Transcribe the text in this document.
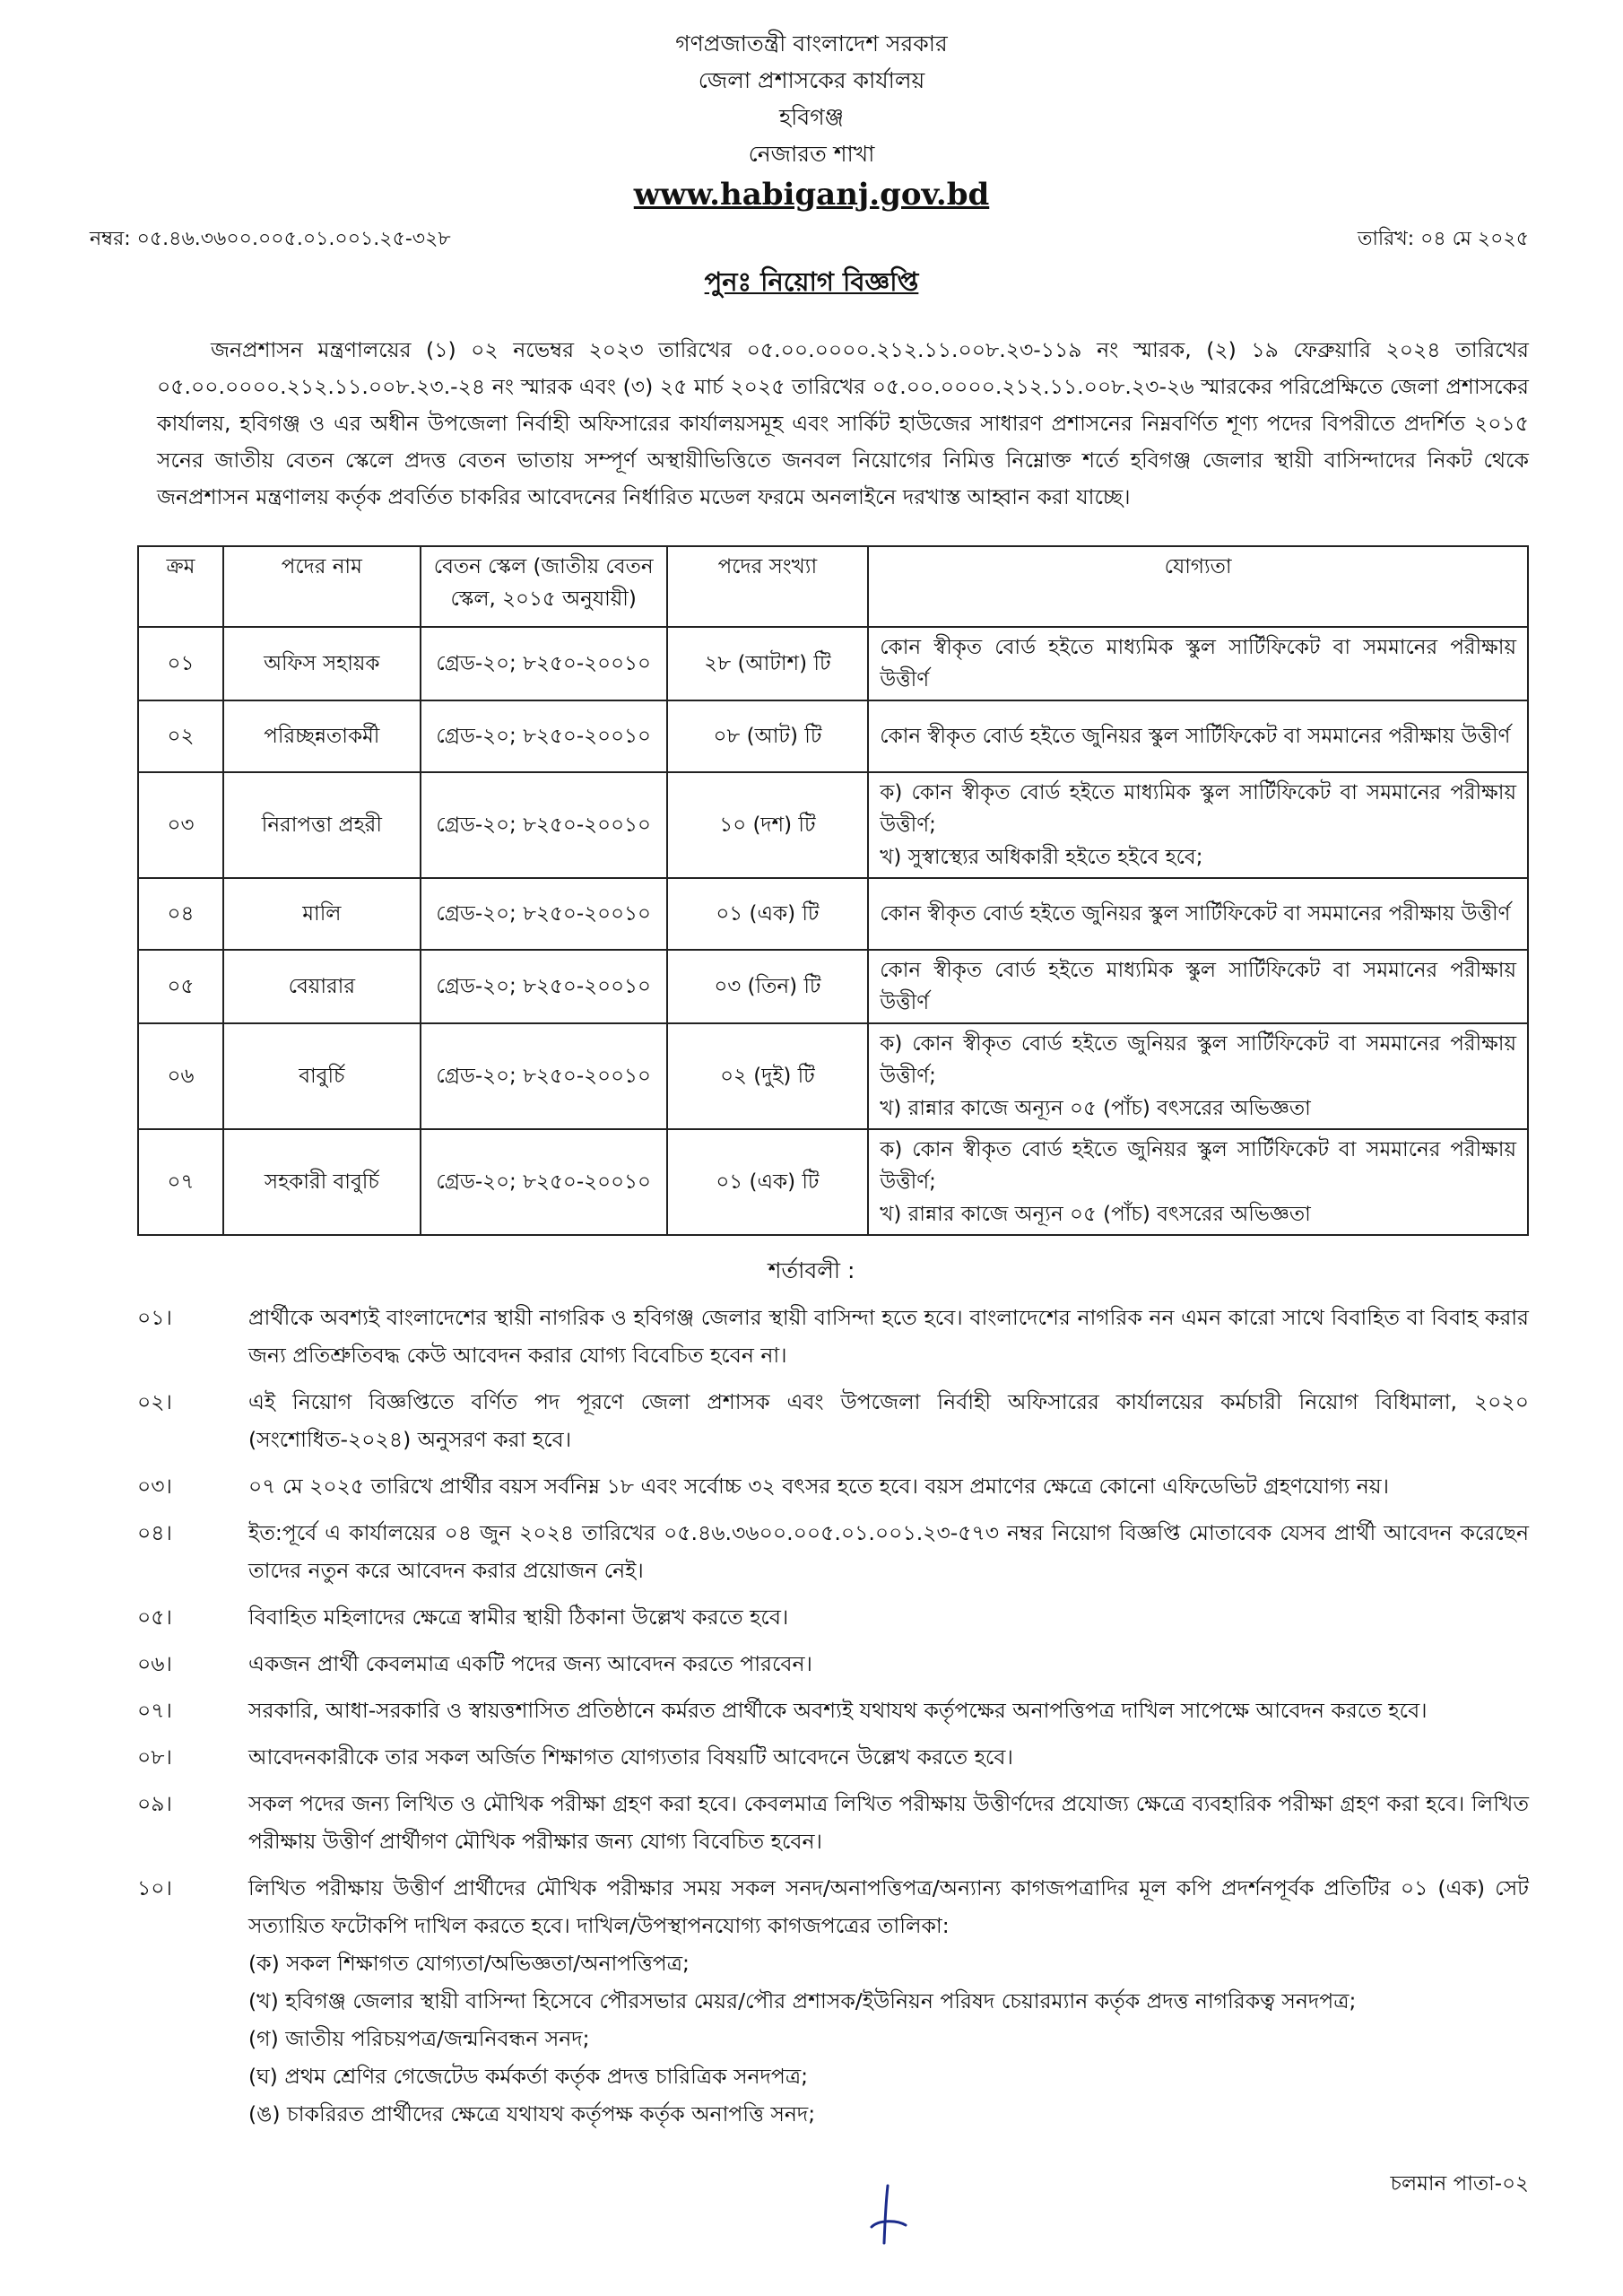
গণপ্রজাতন্ত্রী বাংলাদেশ সরকার
জেলা প্রশাসকের কার্যালয়
হবিগঞ্জ
নেজারত শাখা
www.habiganj.gov.bd
নম্বর: ০৫.৪৬.৩৬০০.০০৫.০১.০০১.২৫-৩২৮	তারিখ: ০৪ মে ২০২৫
পুনঃ নিয়োগ বিজ্ঞপ্তি
জনপ্রশাসন মন্ত্রণালয়ের (১) ০২ নভেম্বর ২০২৩ তারিখের ০৫.০০.০০০০.২১২.১১.০০৮.২৩-১১৯ নং স্মারক, (২) ১৯ ফেব্রুয়ারি ২০২৪ তারিখের ০৫.০০.০০০০.২১২.১১.০০৮.২৩.-২৪ নং স্মারক এবং (৩) ২৫ মার্চ ২০২৫ তারিখের ০৫.০০.০০০০.২১২.১১.০০৮.২৩-২৬ স্মারকের পরিপ্রেক্ষিতে জেলা প্রশাসকের কার্যালয়, হবিগঞ্জ ও এর অধীন উপজেলা নির্বাহী অফিসারের কার্যালয়সমূহ এবং সার্কিট হাউজের সাধারণ প্রশাসনের নিম্নবর্ণিত শূণ্য পদের বিপরীতে প্রদর্শিত ২০১৫ সনের জাতীয় বেতন স্কেলে প্রদত্ত বেতন ভাতায় সম্পূর্ণ অস্থায়ীভিত্তিতে জনবল নিয়োগের নিমিত্ত নিম্নোক্ত শর্তে হবিগঞ্জ জেলার স্থায়ী বাসিন্দাদের নিকট থেকে জনপ্রশাসন মন্ত্রণালয় কর্তৃক প্রবর্তিত চাকরির আবেদনের নির্ধারিত মডেল ফরমে অনলাইনে দরখাস্ত আহ্বান করা যাচ্ছে।
ক্রম	পদের নাম	বেতন স্কেল (জাতীয় বেতন স্কেল, ২০১৫ অনুযায়ী)	পদের সংখ্যা	যোগ্যতা
০১	অফিস সহায়ক	গ্রেড-২০; ৮২৫০-২০০১০	২৮ (আটাশ) টি	কোন স্বীকৃত বোর্ড হইতে মাধ্যমিক স্কুল সার্টিফিকেট বা সমমানের পরীক্ষায় উত্তীর্ণ

০২	পরিচ্ছন্নতাকর্মী	গ্রেড-২০; ৮২৫০-২০০১০	০৮ (আট) টি	কোন স্বীকৃত বোর্ড হইতে জুনিয়র স্কুল সার্টিফিকেট বা সমমানের পরীক্ষায় উত্তীর্ণ

০৩	নিরাপত্তা প্রহরী	গ্রেড-২০; ৮২৫০-২০০১০	১০ (দশ) টি	ক) কোন স্বীকৃত বোর্ড হইতে মাধ্যমিক স্কুল সার্টিফিকেট বা সমমানের পরীক্ষায় উত্তীর্ণ;
খ) সুস্বাস্থ্যের অধিকারী হইতে হইবে হবে;

০৪	মালি	গ্রেড-২০; ৮২৫০-২০০১০	০১ (এক) টি	কোন স্বীকৃত বোর্ড হইতে জুনিয়র স্কুল সার্টিফিকেট বা সমমানের পরীক্ষায় উত্তীর্ণ

০৫	বেয়ারার	গ্রেড-২০; ৮২৫০-২০০১০	০৩ (তিন) টি	কোন স্বীকৃত বোর্ড হইতে মাধ্যমিক স্কুল সার্টিফিকেট বা সমমানের পরীক্ষায় উত্তীর্ণ

০৬	বাবুর্চি	গ্রেড-২০; ৮২৫০-২০০১০	০২ (দুই) টি	ক) কোন স্বীকৃত বোর্ড হইতে জুনিয়র স্কুল সার্টিফিকেট বা সমমানের পরীক্ষায় উত্তীর্ণ;
খ) রান্নার কাজে অন্যূন ০৫ (পাঁচ) বৎসরের অভিজ্ঞতা

০৭	সহকারী বাবুর্চি	গ্রেড-২০; ৮২৫০-২০০১০	০১ (এক) টি	ক) কোন স্বীকৃত বোর্ড হইতে জুনিয়র স্কুল সার্টিফিকেট বা সমমানের পরীক্ষায় উত্তীর্ণ;
খ) রান্নার কাজে অন্যূন ০৫ (পাঁচ) বৎসরের অভিজ্ঞতা
শর্তাবলী :
০১।	প্রার্থীকে অবশ্যই বাংলাদেশের স্থায়ী নাগরিক ও হবিগঞ্জ জেলার স্থায়ী বাসিন্দা হতে হবে। বাংলাদেশের নাগরিক নন এমন কারো সাথে বিবাহিত বা বিবাহ করার জন্য প্রতিশ্রুতিবদ্ধ কেউ আবেদন করার যোগ্য বিবেচিত হবেন না।
০২।	এই নিয়োগ বিজ্ঞপ্তিতে বর্ণিত পদ পূরণে জেলা প্রশাসক এবং উপজেলা নির্বাহী অফিসারের কার্যালয়ের কর্মচারী নিয়োগ বিধিমালা, ২০২০ (সংশোধিত-২০২৪) অনুসরণ করা হবে।
০৩।	০৭ মে ২০২৫ তারিখে প্রার্থীর বয়স সর্বনিম্ন ১৮ এবং সর্বোচ্চ ৩২ বৎসর হতে হবে। বয়স প্রমাণের ক্ষেত্রে কোনো এফিডেভিট গ্রহণযোগ্য নয়।
০৪।	ইত:পূর্বে এ কার্যালয়ের ০৪ জুন ২০২৪ তারিখের ০৫.৪৬.৩৬০০.০০৫.০১.০০১.২৩-৫৭৩ নম্বর নিয়োগ বিজ্ঞপ্তি মোতাবেক যেসব প্রার্থী আবেদন করেছেন তাদের নতুন করে আবেদন করার প্রয়োজন নেই।
০৫।	বিবাহিত মহিলাদের ক্ষেত্রে স্বামীর স্থায়ী ঠিকানা উল্লেখ করতে হবে।
০৬।	একজন প্রার্থী কেবলমাত্র একটি পদের জন্য আবেদন করতে পারবেন।
০৭।	সরকারি, আধা-সরকারি ও স্বায়ত্তশাসিত প্রতিষ্ঠানে কর্মরত প্রার্থীকে অবশ্যই যথাযথ কর্তৃপক্ষের অনাপত্তিপত্র দাখিল সাপেক্ষে আবেদন করতে হবে।
০৮।	আবেদনকারীকে তার সকল অর্জিত শিক্ষাগত যোগ্যতার বিষয়টি আবেদনে উল্লেখ করতে হবে।
০৯।	সকল পদের জন্য লিখিত ও মৌখিক পরীক্ষা গ্রহণ করা হবে। কেবলমাত্র লিখিত পরীক্ষায় উত্তীর্ণদের প্রযোজ্য ক্ষেত্রে ব্যবহারিক পরীক্ষা গ্রহণ করা হবে। লিখিত পরীক্ষায় উত্তীর্ণ প্রার্থীগণ মৌখিক পরীক্ষার জন্য যোগ্য বিবেচিত হবেন।
১০।	লিখিত পরীক্ষায় উত্তীর্ণ প্রার্থীদের মৌখিক পরীক্ষার সময় সকল সনদ/অনাপত্তিপত্র/অন্যান্য কাগজপত্রাদির মূল কপি প্রদর্শনপূর্বক প্রতিটির ০১ (এক) সেট সত্যায়িত ফটোকপি দাখিল করতে হবে। দাখিল/উপস্থাপনযোগ্য কাগজপত্রের তালিকা:
(ক) সকল শিক্ষাগত যোগ্যতা/অভিজ্ঞতা/অনাপত্তিপত্র;
(খ) হবিগঞ্জ জেলার স্থায়ী বাসিন্দা হিসেবে পৌরসভার মেয়র/পৌর প্রশাসক/ইউনিয়ন পরিষদ চেয়ারম্যান কর্তৃক প্রদত্ত নাগরিকত্ব সনদপত্র;
(গ) জাতীয় পরিচয়পত্র/জন্মনিবন্ধন সনদ;
(ঘ) প্রথম শ্রেণির গেজেটেড কর্মকর্তা কর্তৃক প্রদত্ত চারিত্রিক সনদপত্র;
(ঙ) চাকরিরত প্রার্থীদের ক্ষেত্রে যথাযথ কর্তৃপক্ষ কর্তৃক অনাপত্তি সনদ;
চলমান পাতা-০২
